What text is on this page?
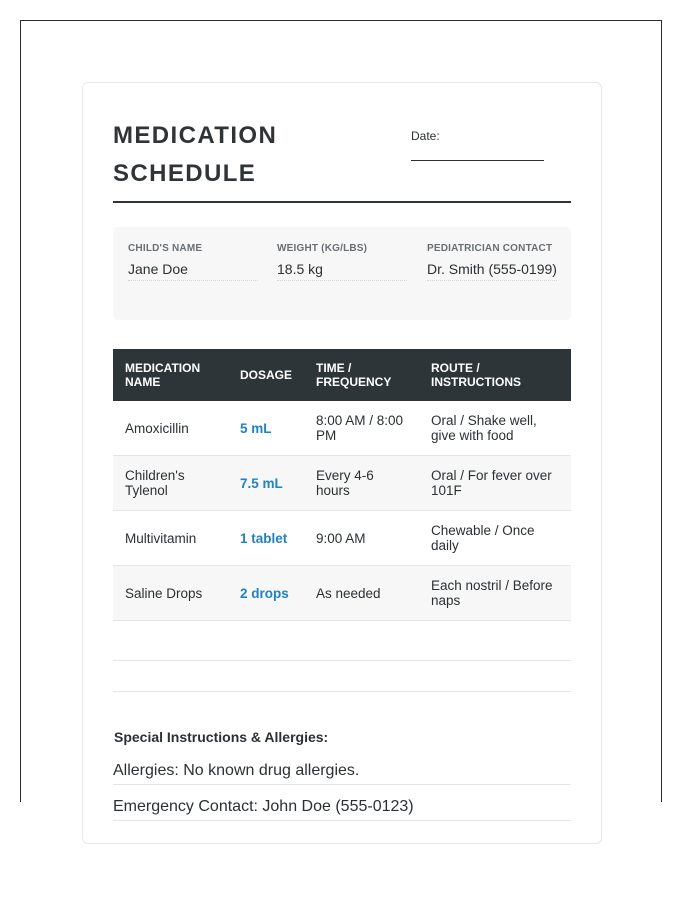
MEDICATION
SCHEDULE
Date:
CHILD'S NAME
Jane Doe
WEIGHT (KG/LBS)
18.5 kg
PEDIATRICIAN CONTACT
Dr. Smith (555-0199)
MEDICATION NAME	DOSAGE	TIME / FREQUENCY	ROUTE / INSTRUCTIONS
Amoxicillin	5 mL	8:00 AM / 8:00 PM	Oral / Shake well, give with food
Children's Tylenol	7.5 mL	Every 4-6 hours	Oral / For fever over 101F
Multivitamin	1 tablet	9:00 AM	Chewable / Once daily
Saline Drops	2 drops	As needed	Each nostril / Before naps

Special Instructions & Allergies:
Allergies: No known drug allergies.
Emergency Contact: John Doe (555-0123)
